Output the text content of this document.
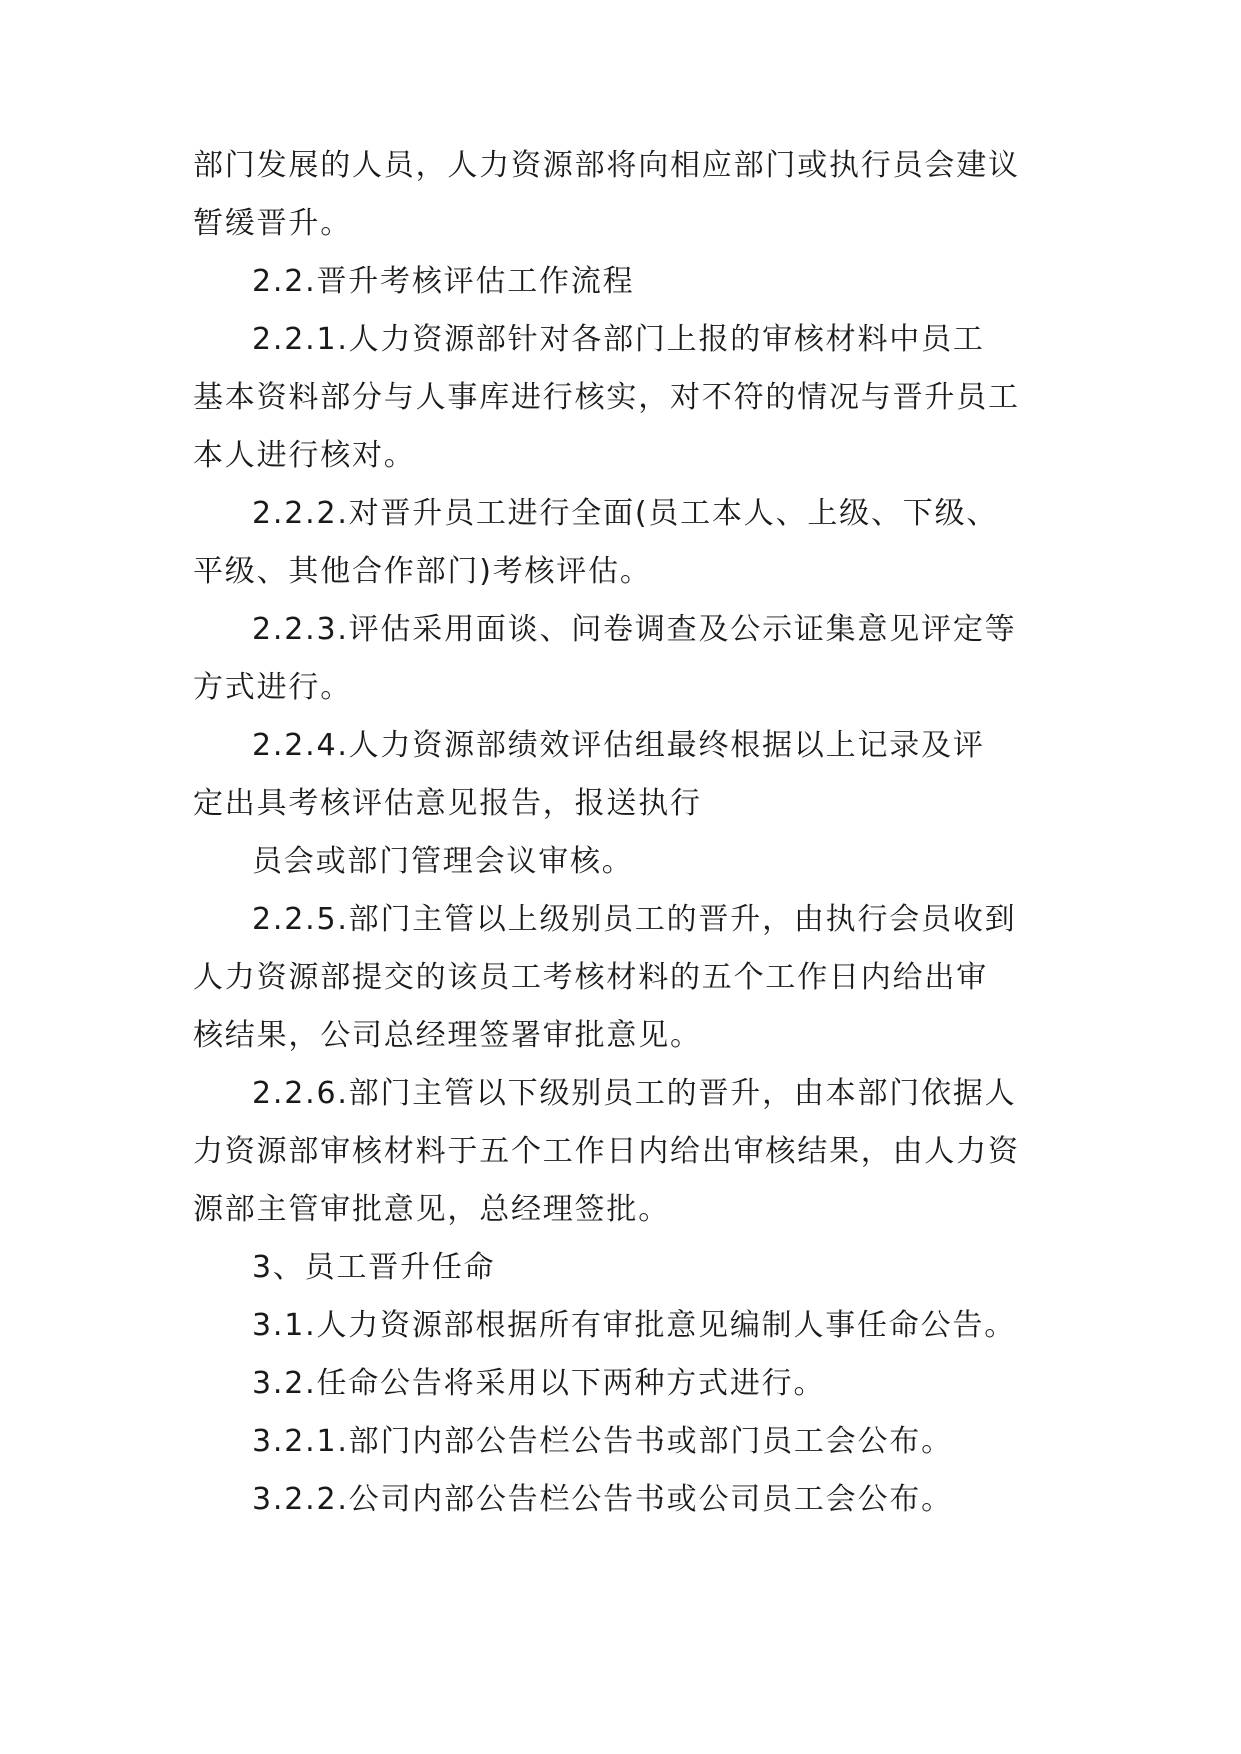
部门发展的人员，人力资源部将向相应部门或执行员会建议

暂缓晋升。

2.2.晋升考核评估工作流程

2.2.1.人力资源部针对各部门上报的审核材料中员工

基本资料部分与人事库进行核实，对不符的情况与晋升员工

本人进行核对。

2.2.2.对晋升员工进行全面(员工本人、上级、下级、

平级、其他合作部门)考核评估。

2.2.3.评估采用面谈、问卷调查及公示证集意见评定等

方式进行。

2.2.4.人力资源部绩效评估组最终根据以上记录及评

定出具考核评估意见报告，报送执行

员会或部门管理会议审核。

2.2.5.部门主管以上级别员工的晋升，由执行会员收到

人力资源部提交的该员工考核材料的五个工作日内给出审

核结果，公司总经理签署审批意见。

2.2.6.部门主管以下级别员工的晋升，由本部门依据人

力资源部审核材料于五个工作日内给出审核结果，由人力资

源部主管审批意见，总经理签批。

3、员工晋升任命

3.1.人力资源部根据所有审批意见编制人事任命公告。

3.2.任命公告将采用以下两种方式进行。

3.2.1.部门内部公告栏公告书或部门员工会公布。

3.2.2.公司内部公告栏公告书或公司员工会公布。
